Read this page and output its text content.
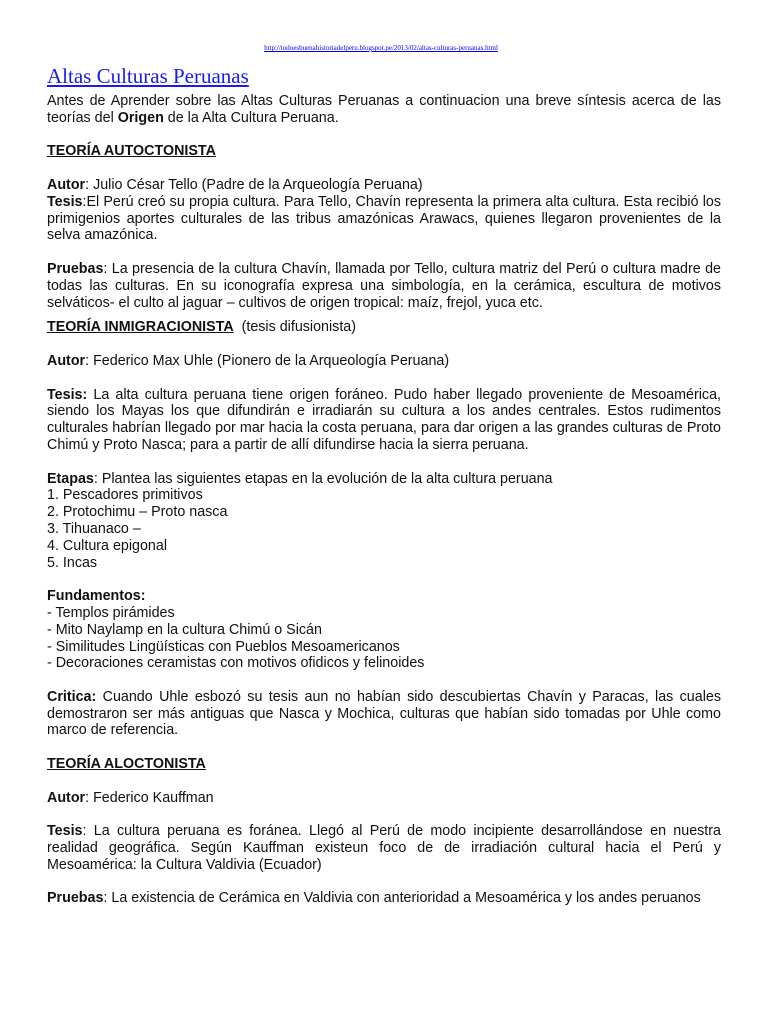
http://todoesbuenahistoriadelperu.blogspot.pe/2013/02/altas-culturas-peruanas.html
Altas Culturas Peruanas

Antes de Aprender sobre las Altas Culturas Peruanas a continuacion una breve síntesis acerca de las teorías del Origen de la Alta Cultura Peruana.

TEORÍA AUTOCTONISTA

Autor: Julio César Tello (Padre de la Arqueología Peruana)

Tesis:El Perú creó su propia cultura. Para Tello, Chavín representa la primera alta cultura. Esta recibió los primigenios aportes culturales de las tribus amazónicas Arawacs, quienes llegaron provenientes de la selva amazónica.

Pruebas: La presencia de la cultura Chavín, llamada por Tello, cultura matriz del Perú o cultura madre de todas las culturas. En su iconografía expresa una simbología, en la cerámica, escultura de motivos selváticos- el culto al jaguar – cultivos de origen tropical: maíz, frejol, yuca etc.

TEORÍA INMIGRACIONISTA  (tesis difusionista)

Autor: Federico Max Uhle (Pionero de la Arqueología Peruana)

Tesis: La alta cultura peruana tiene origen foráneo. Pudo haber llegado proveniente de Mesoamérica, siendo los Mayas los que difundirán e irradiarán su cultura a los andes centrales. Estos rudimentos culturales habrían llegado por mar hacia la costa peruana, para dar origen a las grandes culturas de Proto Chimú y Proto Nasca; para a partir de allí difundirse hacia la sierra peruana.

Etapas: Plantea las siguientes etapas en la evolución de la alta cultura peruana

1. Pescadores primitivos
2. Protochimu – Proto nasca
3. Tihuanaco –
4. Cultura epigonal
5. Incas

Fundamentos:

- Templos pirámides
- Mito Naylamp en la cultura Chimú o Sicán
- Similitudes Lingüísticas con Pueblos Mesoamericanos
- Decoraciones ceramistas con motivos ofidicos y felinoides

Critica: Cuando Uhle esbozó su tesis aun no habían sido descubiertas Chavín y Paracas, las cuales demostraron ser más antiguas que Nasca y Mochica, culturas que habían sido tomadas por Uhle como marco de referencia.

TEORÍA ALOCTONISTA

Autor: Federico Kauffman

Tesis: La cultura peruana es foránea. Llegó al Perú de modo incipiente desarrollándose en nuestra realidad geográfica. Según Kauffman existeun foco de de irradiación cultural hacia el Perú y Mesoamérica: la Cultura Valdivia (Ecuador)

Pruebas: La existencia de Cerámica en Valdivia con anterioridad a Mesoamérica y los andes peruanos
